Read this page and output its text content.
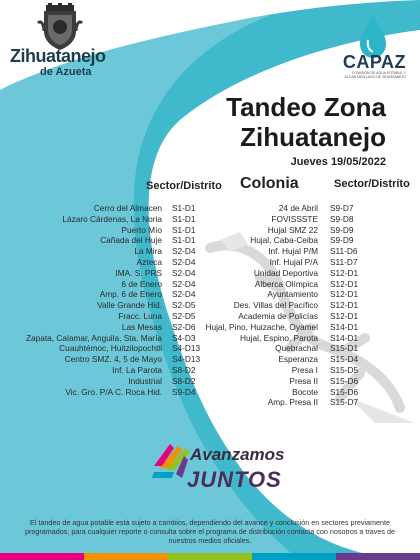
Zihuatanejo
de Azueta	CAPAZ
COMISIÓN DE AGUA POTABLE Y ALCANTARILLADO DE ZIHUATANEJO
Tandeo Zona
Zihuatanejo
Jueves 19/05/2022
Sector/Distrito Colonia	Sector/Distrito
Cerro del Almacen
Lázaro Cárdenas, La Noria
Puerto Mío
Cañada del Huje
La Mira
Azteca
IMA. S. PRS
6 de Enero
Amp. 6 de Enero
Valle Grande Hid.
Fracc. Luna
Las Mesas
Zapata, Calamar, Anguila, Sta. María
Cuauhtémoc, Huitzilopochtli
Centro SMZ. 4, 5 de Mayo
Inf. La Parota
Industrial
Vic. Gro. P/A C. Roca Hid.
S1-D1
S1-D1
S1-D1
S1-D1
S2-D4
S2-D4
S2-D4
S2-D4
S2-D4
S2-D5
S2-D5
S2-D6
S4-D3
S4-D13
S4-D13
S8-D2
S8-D2
S9-D4
24 de Abril
FOVISSSTE
Hujal SMZ 22
Hujal, Caba-Ceiba
Inf. Hujal P/M
Inf. Hujal P/A
Unidad Deportiva
Alberca Olímpica
Ayuntamiento
Des. Villas del Pacífico
Academia de Policías
Hujal, Pino, Huizache, Oyamel
Hujal, Espino, Parota
Quebrachal
Esperanza
Presa I
Presa II
Bocote
Amp. Presa II
S9-D7
S9-D8
S9-D9
S9-D9
S11-D6
S11-D7
S12-D1
S12-D1
S12-D1
S12-D1
S12-D1
S14-D1
S14-D1
S15-D1
S15-D4
S15-D5
S15-D6
S15-D6
S15-D7
Avanzamos
JUNTOS
El tandeo de agua potable está sujeto a cambios, dependiendo del avance y conclusión en sectores previamente programados; para cualquier reporte o consulta sobre el programa de distribución contacta con nosotros a traves de nuestros medios oficiales.
